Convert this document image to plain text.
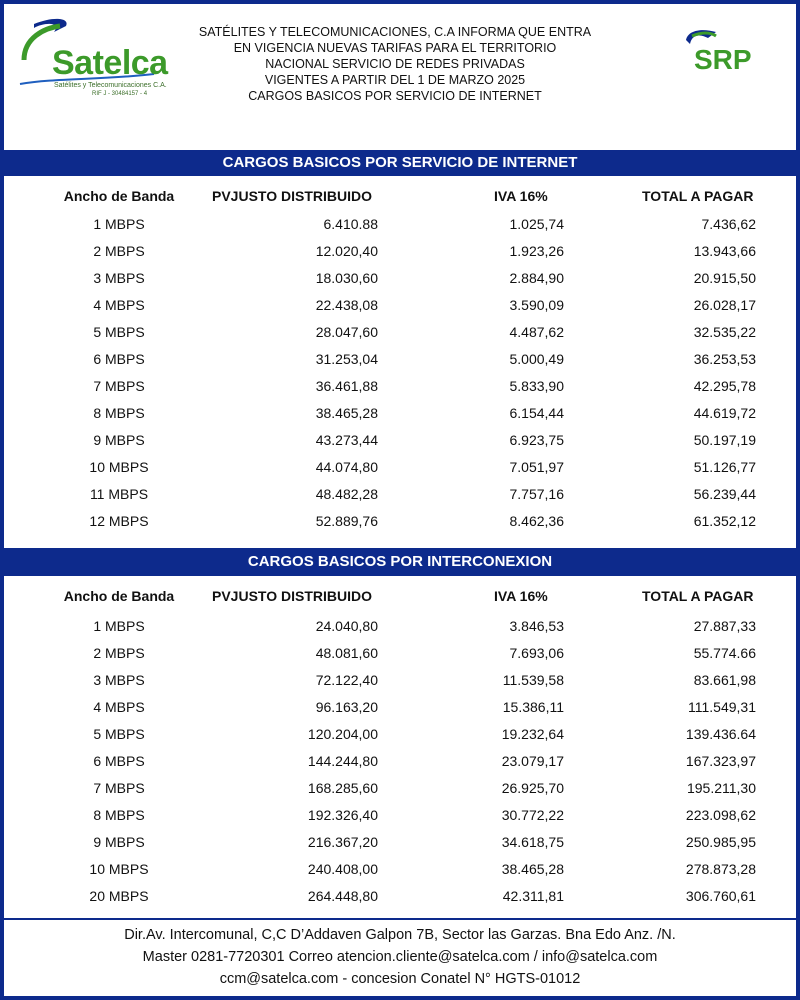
Satelca
Satélites y Telecomunicaciones C.A.
RIF J - 30484157 - 4
SATÉLITES Y TELECOMUNICACIONES, C.A INFORMA QUE ENTRA
EN VIGENCIA NUEVAS TARIFAS PARA EL TERRITORIO
NACIONAL SERVICIO DE REDES PRIVADAS
VIGENTES A PARTIR DEL 1 DE MARZO 2025
CARGOS BASICOS POR SERVICIO DE INTERNET
SRP
CARGOS BASICOS POR SERVICIO DE INTERNET
Ancho de Banda	PVJUSTO DISTRIBUIDO	IVA 16%	TOTAL A PAGAR
1 MBPS	6.410.88	1.025,74	7.436,62
2 MBPS	12.020,40	1.923,26	13.943,66
3 MBPS	18.030,60	2.884,90	20.915,50
4 MBPS	22.438,08	3.590,09	26.028,17
5 MBPS	28.047,60	4.487,62	32.535,22
6 MBPS	31.253,04	5.000,49	36.253,53
7 MBPS	36.461,88	5.833,90	42.295,78
8 MBPS	38.465,28	6.154,44	44.619,72
9 MBPS	43.273,44	6.923,75	50.197,19
10 MBPS	44.074,80	7.051,97	51.126,77
11 MBPS	48.482,28	7.757,16	56.239,44
12 MBPS	52.889,76	8.462,36	61.352,12
CARGOS BASICOS POR INTERCONEXION
Ancho de Banda	PVJUSTO DISTRIBUIDO	IVA 16%	TOTAL A PAGAR
1 MBPS	24.040,80	3.846,53	27.887,33
2 MBPS	48.081,60	7.693,06	55.774.66
3 MBPS	72.122,40	11.539,58	83.661,98
4 MBPS	96.163,20	15.386,11	111.549,31
5 MBPS	120.204,00	19.232,64	139.436.64
6 MBPS	144.244,80	23.079,17	167.323,97
7 MBPS	168.285,60	26.925,70	195.211,30
8 MBPS	192.326,40	30.772,22	223.098,62
9 MBPS	216.367,20	34.618,75	250.985,95
10 MBPS	240.408,00	38.465,28	278.873,28
20 MBPS	264.448,80	42.311,81	306.760,61
Dir.Av. Intercomunal, C,C D’Addaven Galpon 7B, Sector las Garzas. Bna Edo Anz. /N.
Master 0281-7720301 Correo atencion.cliente@satelca.com / info@satelca.com
ccm@satelca.com - concesion Conatel N° HGTS-01012
